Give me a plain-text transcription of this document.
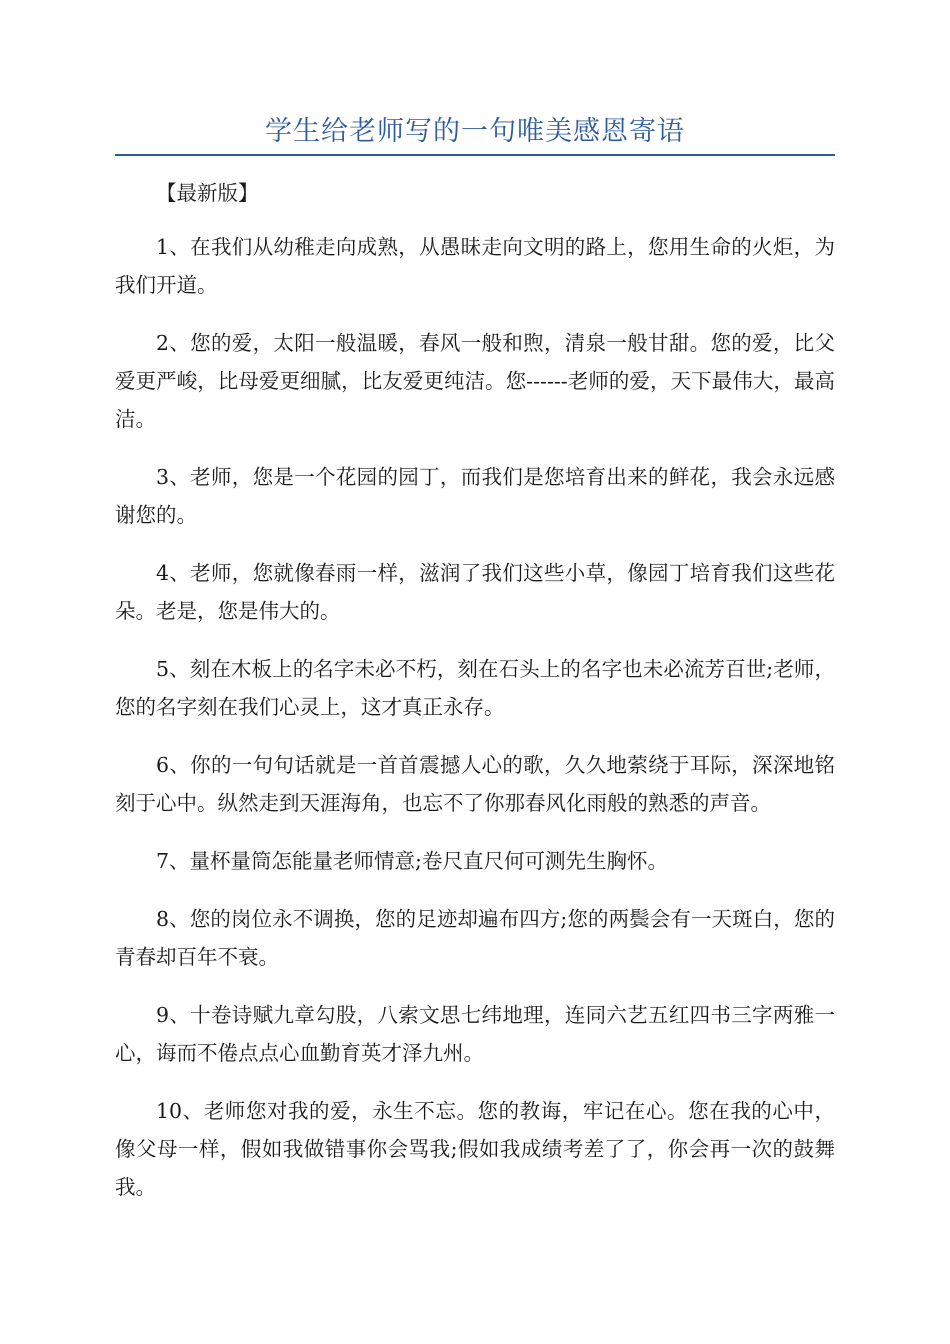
学生给老师写的一句唯美感恩寄语

【最新版】

1、在我们从幼稚走向成熟，从愚昧走向文明的路上，您用生命的火炬，为我们开道。

2、您的爱，太阳一般温暖，春风一般和煦，清泉一般甘甜。您的爱，比父爱更严峻，比母爱更细腻，比友爱更纯洁。您------老师的爱，天下最伟大，最高洁。

3、老师，您是一个花园的园丁，而我们是您培育出来的鲜花，我会永远感谢您的。

4、老师，您就像春雨一样，滋润了我们这些小草，像园丁培育我们这些花朵。老是，您是伟大的。

5、刻在木板上的名字未必不朽，刻在石头上的名字也未必流芳百世;老师，您的名字刻在我们心灵上，这才真正永存。

6、你的一句句话就是一首首震撼人心的歌，久久地萦绕于耳际，深深地铭刻于心中。纵然走到天涯海角，也忘不了你那春风化雨般的熟悉的声音。

7、量杯量筒怎能量老师情意;卷尺直尺何可测先生胸怀。

8、您的岗位永不调换，您的足迹却遍布四方;您的两鬓会有一天斑白，您的青春却百年不衰。

9、十卷诗赋九章勾股，八索文思七纬地理，连同六艺五红四书三字两雅一心，诲而不倦点点心血勤育英才泽九州。

10、老师您对我的爱，永生不忘。您的教诲，牢记在心。您在我的心中，像父母一样，假如我做错事你会骂我;假如我成绩考差了了，你会再一次的鼓舞我。
